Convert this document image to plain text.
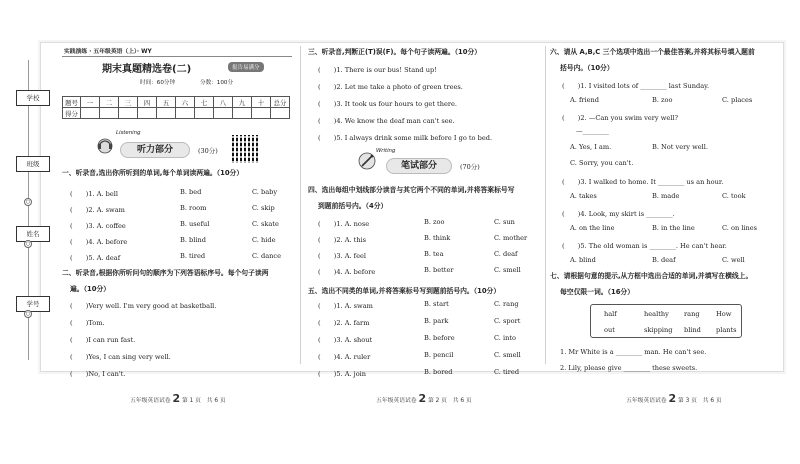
学校
班级
○
姓名
○
学号
○
实践演练 · 五年级英语（上）· WY
期末真题精选卷(二)	报告易满分
时间：60分钟	分数：100分
题号	一	二	三	四	五	六	七	八	九	十	总分
得分											
Listening
听力部分	(30分)
一、听录音,选出你所听到的单词,每个单词读两遍。（10分）
二、听录音,根据你所听问句的顺序为下列答语标序号。每个句子读两
遍。（10分）
五年级英语试卷 2 第 1 页　共 6 页
三、听录音,判断正(T)误(F)。每个句子读两遍。（10分）
Writing
笔试部分	(70分)
四、选出每组中划线部分读音与其它两个不同的单词,并将答案标号写
到题前括号内。（4分）
五、选出不同类的单词,并将答案标号写到题前括号内。（10分）
五年级英语试卷 2 第 2 页　共 6 页
六、请从 A,B,C 三个选项中选出一个最佳答案,并将其标号填入题前
括号内。（10分）
七、请根据句意的提示,从方框中选出合适的单词,并填写在横线上。
每空仅限一词。（16分）
1. Mr White is a ________ man. He can't see.
2. Lily, please give ________ these sweets.
五年级英语试卷 2 第 3 页　共 6 页
(　　)1. A. bell	B. bed	C. baby
(　　)2. A. swam	B. room	C. skip
(　　)3. A. coffee	B. useful	C. skate
(　　)4. A. before	B. blind	C. hide
(　　)5. A. deaf	B. tired	C. dance
(　　)Very well. I'm very good at basketball.
(　　)Tom.
(　　)I can run fast.
(　　)Yes, I can sing very well.
(　　)No, I can't.
(　　)1. There is our bus! Stand up!
(　　)2. Let me take a photo of green trees.
(　　)3. It took us four hours to get there.
(　　)4. We know the deaf man can't see.
(　　)5. I always drink some milk before I go to bed.
(　　)1. A. nose	B. zoo	C. sun
(　　)2. A. this	B. think	C. mother
(　　)3. A. feel	B. tea	C. deaf
(　　)4. A. before	B. better	C. smell
(　　)1. A. swam	B. start	C. rang
(　　)2. A. farm	B. park	C. sport
(　　)3. A. shout	B. before	C. into
(　　)4. A. ruler	B. pencil	C. smell
(　　)5. A. join	B. bored	C. tired
(　　)1. I visited lots of ________ last Sunday.
A. friend	B. zoo	C. places
(　　)2. —Can you swim very well?
—________
A. Yes, I am.	B. Not very well.
C. Sorry, you can't.
(　　)3. I walked to home. It ________ us an hour.
A. takes	B. made	C. took
(　　)4. Look, my skirt is ________.
A. on the line	B. in the line	C. on lines
(　　)5. The old woman is ________. He can't hear.
A. blind	B. deaf	C. well
half	healthy rang How
out	skipping blind plants
